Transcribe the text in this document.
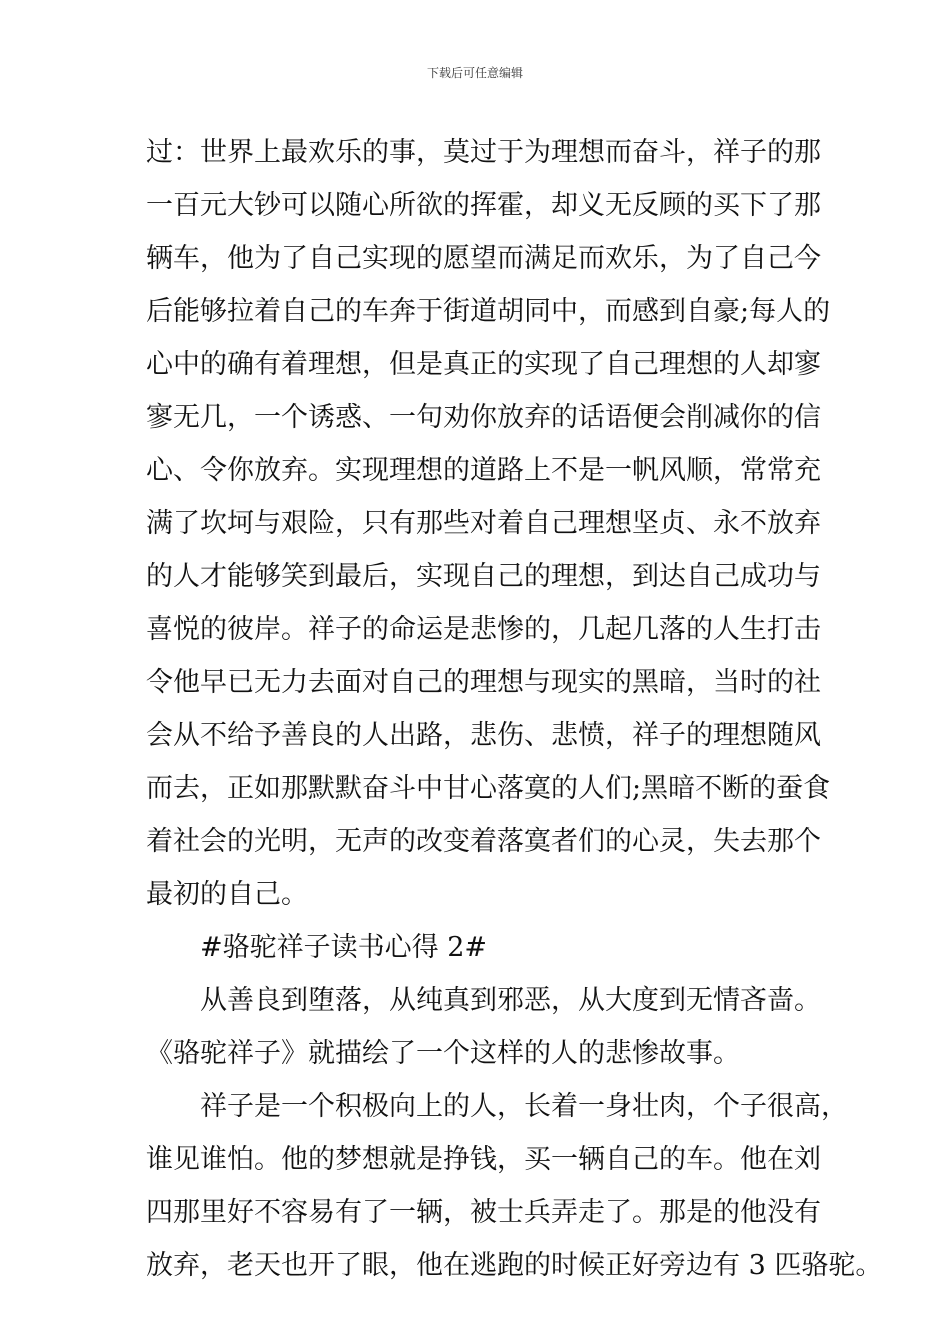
下载后可任意编辑
过：世界上最欢乐的事，莫过于为理想而奋斗，祥子的那
一百元大钞可以随心所欲的挥霍，却义无反顾的买下了那
辆车，他为了自己实现的愿望而满足而欢乐，为了自己今
后能够拉着自己的车奔于街道胡同中，而感到自豪;每人的
心中的确有着理想，但是真正的实现了自己理想的人却寥
寥无几，一个诱惑、一句劝你放弃的话语便会削减你的信
心、令你放弃。实现理想的道路上不是一帆风顺，常常充
满了坎坷与艰险，只有那些对着自己理想坚贞、永不放弃
的人才能够笑到最后，实现自己的理想，到达自己成功与
喜悦的彼岸。祥子的命运是悲惨的，几起几落的人生打击
令他早已无力去面对自己的理想与现实的黑暗，当时的社
会从不给予善良的人出路，悲伤、悲愤，祥子的理想随风
而去，正如那默默奋斗中甘心落寞的人们;黑暗不断的蚕食
着社会的光明，无声的改变着落寞者们的心灵，失去那个
最初的自己。
#骆驼祥子读书心得 2#
从善良到堕落，从纯真到邪恶，从大度到无情吝啬。
《骆驼祥子》就描绘了一个这样的人的悲惨故事。
祥子是一个积极向上的人，长着一身壮肉，个子很高，
谁见谁怕。他的梦想就是挣钱，买一辆自己的车。他在刘
四那里好不容易有了一辆，被士兵弄走了。那是的他没有
放弃，老天也开了眼，他在逃跑的时候正好旁边有 3 匹骆驼。
